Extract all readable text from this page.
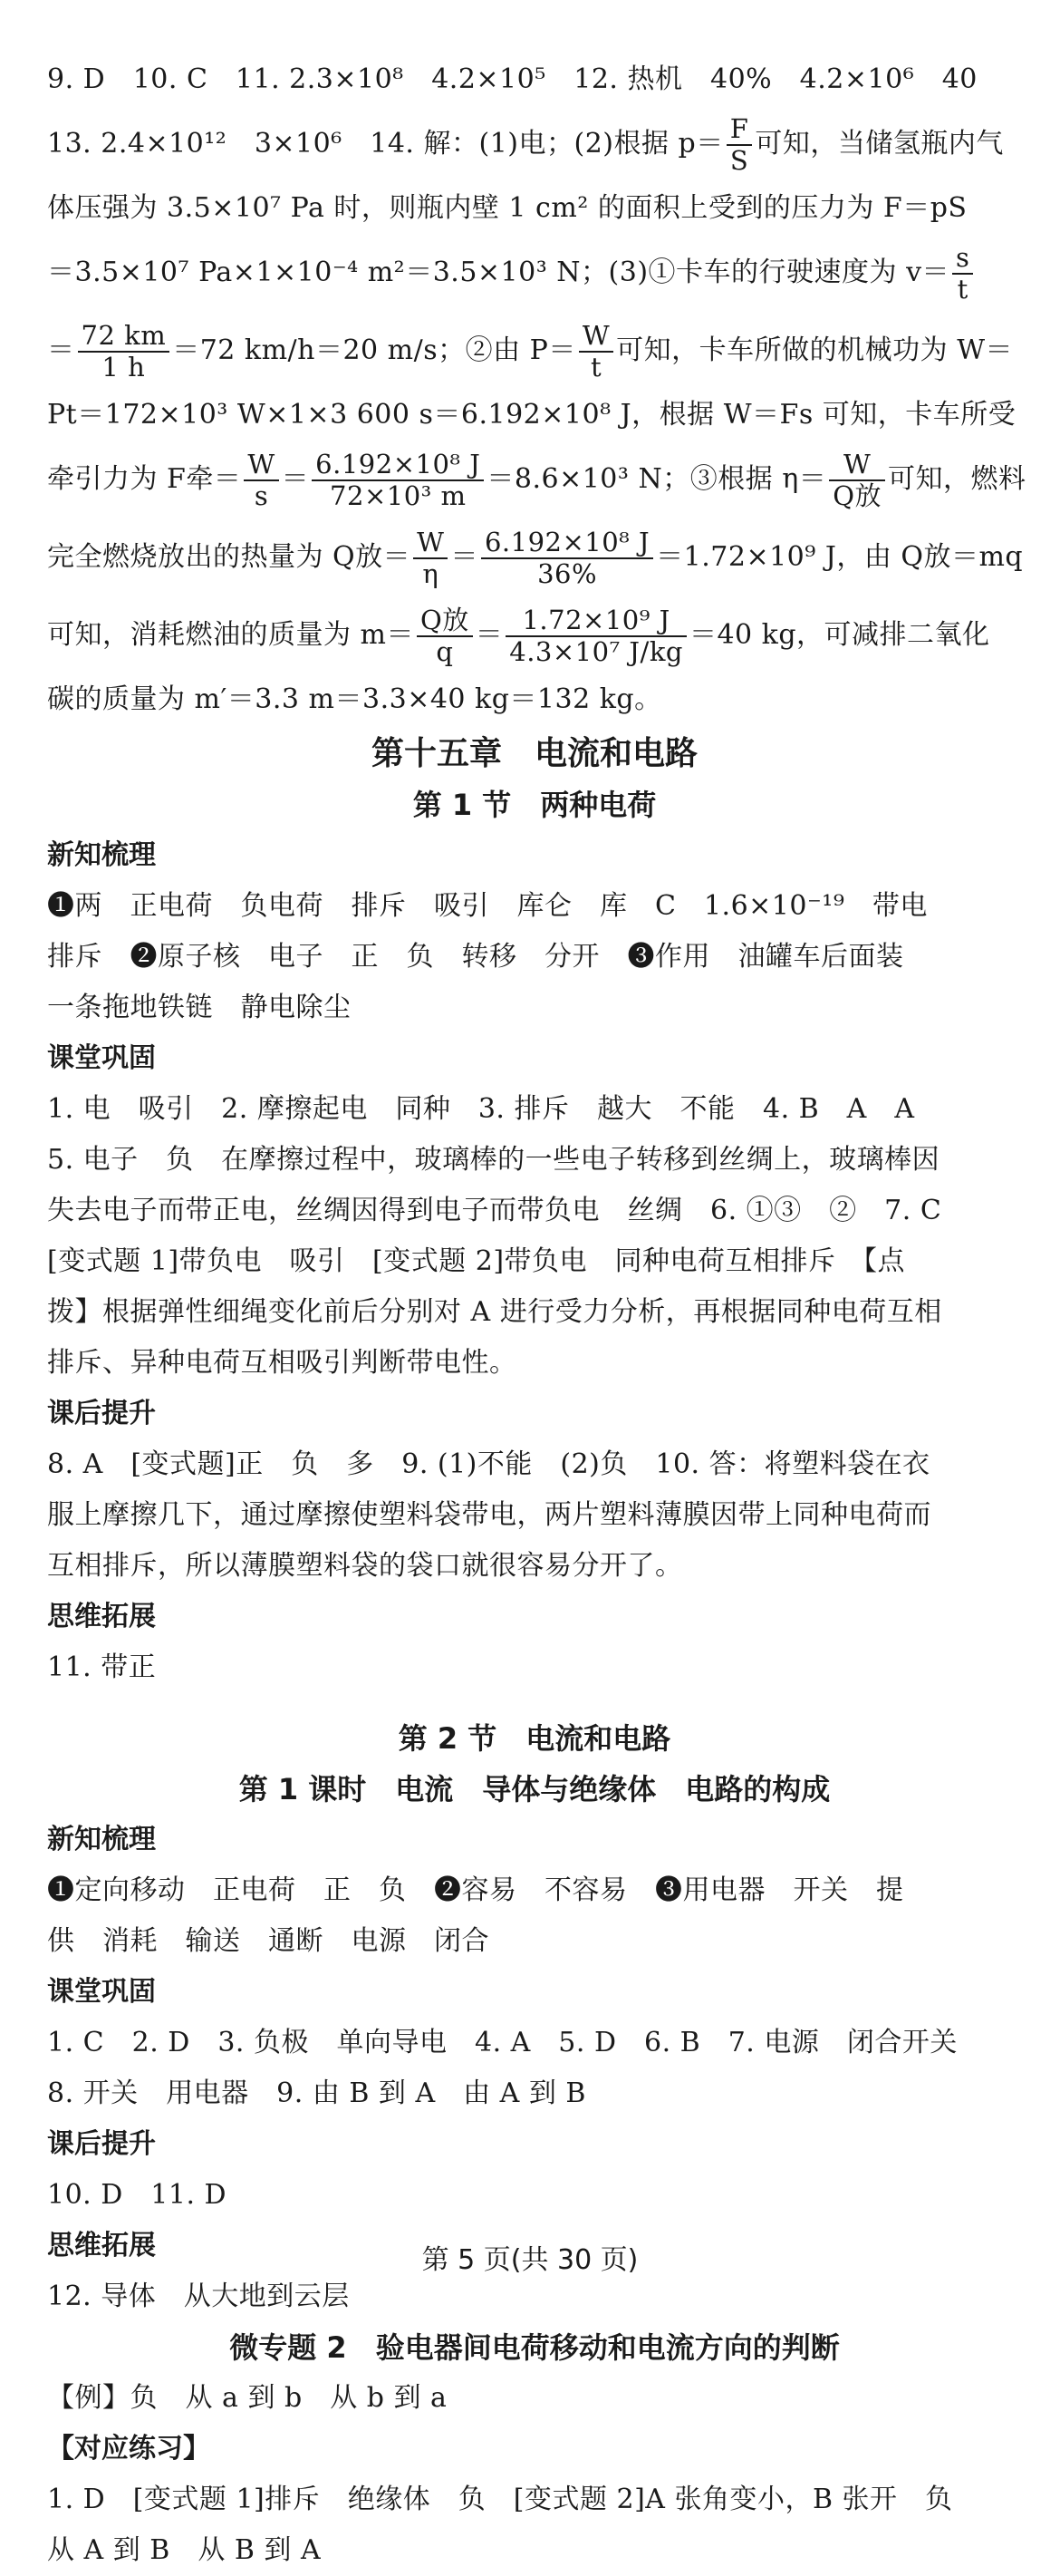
9. D　10. C　11. 2.3×10⁸　4.2×10⁵　12. 热机　40%　4.2×10⁶　40
13. 2.4×10¹²　3×10⁶　14. 解：(1)电；(2)根据 $p= \frac{F}{S}$ 可知，当储氢瓶内气
体压强为 3.5×10⁷ Pa 时，则瓶内壁 1 cm² 的面积上受到的压力为 F＝pS
＝3.5×10⁷ Pa×1×10⁻⁴ m²＝3.5×10³ N；(3)①卡车的行驶速度为 $v= \frac{s}{t}$
＝ $\frac{72 km}{1 h} =72$ km/h＝20 m/s；②由 $P= \frac{W}{t}$ 可知，卡车所做的机械功为 W＝
Pt＝172×10³ W×1×3 600 s＝6.192×10⁸ J，根据 W＝Fs 可知，卡车所受
牵引力为 F牵＝ $\frac{W}{s} = \frac{\text{6.192×10⁸ J}}{\text{72×10³ m}} =8.6\times 10^3$ N；③根据 $\eta= \frac{W}{\text{Q放}}$ 可知，燃料
完全燃烧放出的热量为 Q放＝ $\frac{W}{\eta} = \frac{\text{6.192×10⁸ J}}{36\%} =1.72\times 10^9$ J，由 Q放＝mq
可知，消耗燃油的质量为 $m= \frac{\text{Q放}}{q} = \frac{\text{1.72×10⁹ J}}{\text{4.3×10⁷ J/kg}} =40$ kg，可减排二氧化
碳的质量为 m′＝3.3 m＝3.3×40 kg＝132 kg。
第十五章　电流和电路
第 1 节　两种电荷
新知梳理
❶两　正电荷　负电荷　排斥　吸引　库仑　库　C　1.6×10⁻¹⁹　带电
排斥　❷原子核　电子　正　负　转移　分开　❸作用　油罐车后面装
一条拖地铁链　静电除尘
课堂巩固
1. 电　吸引　2. 摩擦起电　同种　3. 排斥　越大　不能　4. B　A　A
5. 电子　负　在摩擦过程中，玻璃棒的一些电子转移到丝绸上，玻璃棒因
失去电子而带正电，丝绸因得到电子而带负电　丝绸　6. ①③　②　7. C
[变式题 1]带负电　吸引　[变式题 2]带负电　同种电荷互相排斥　【点
拨】根据弹性细绳变化前后分别对 A 进行受力分析，再根据同种电荷互相
排斥、异种电荷互相吸引判断带电性。
课后提升
8. A　[变式题]正　负　多　9. (1)不能　(2)负　10. 答：将塑料袋在衣
服上摩擦几下，通过摩擦使塑料袋带电，两片塑料薄膜因带上同种电荷而
互相排斥，所以薄膜塑料袋的袋口就很容易分开了。
思维拓展
11. 带正
第 2 节　电流和电路
第 1 课时　电流　导体与绝缘体　电路的构成
新知梳理
❶定向移动　正电荷　正　负　❷容易　不容易　❸用电器　开关　提
供　消耗　输送　通断　电源　闭合
课堂巩固
1. C　2. D　3. 负极　单向导电　4. A　5. D　6. B　7. 电源　闭合开关
8. 开关　用电器　9. 由 B 到 A　由 A 到 B
课后提升
10. D　11. D
思维拓展
12. 导体　从大地到云层
微专题 2　验电器间电荷移动和电流方向的判断
【例】负　从 a 到 b　从 b 到 a
【对应练习】
1. D　[变式题 1]排斥　绝缘体　负　[变式题 2]A 张角变小，B 张开　负
从 A 到 B　从 B 到 A
第 5 页(共 30 页)
